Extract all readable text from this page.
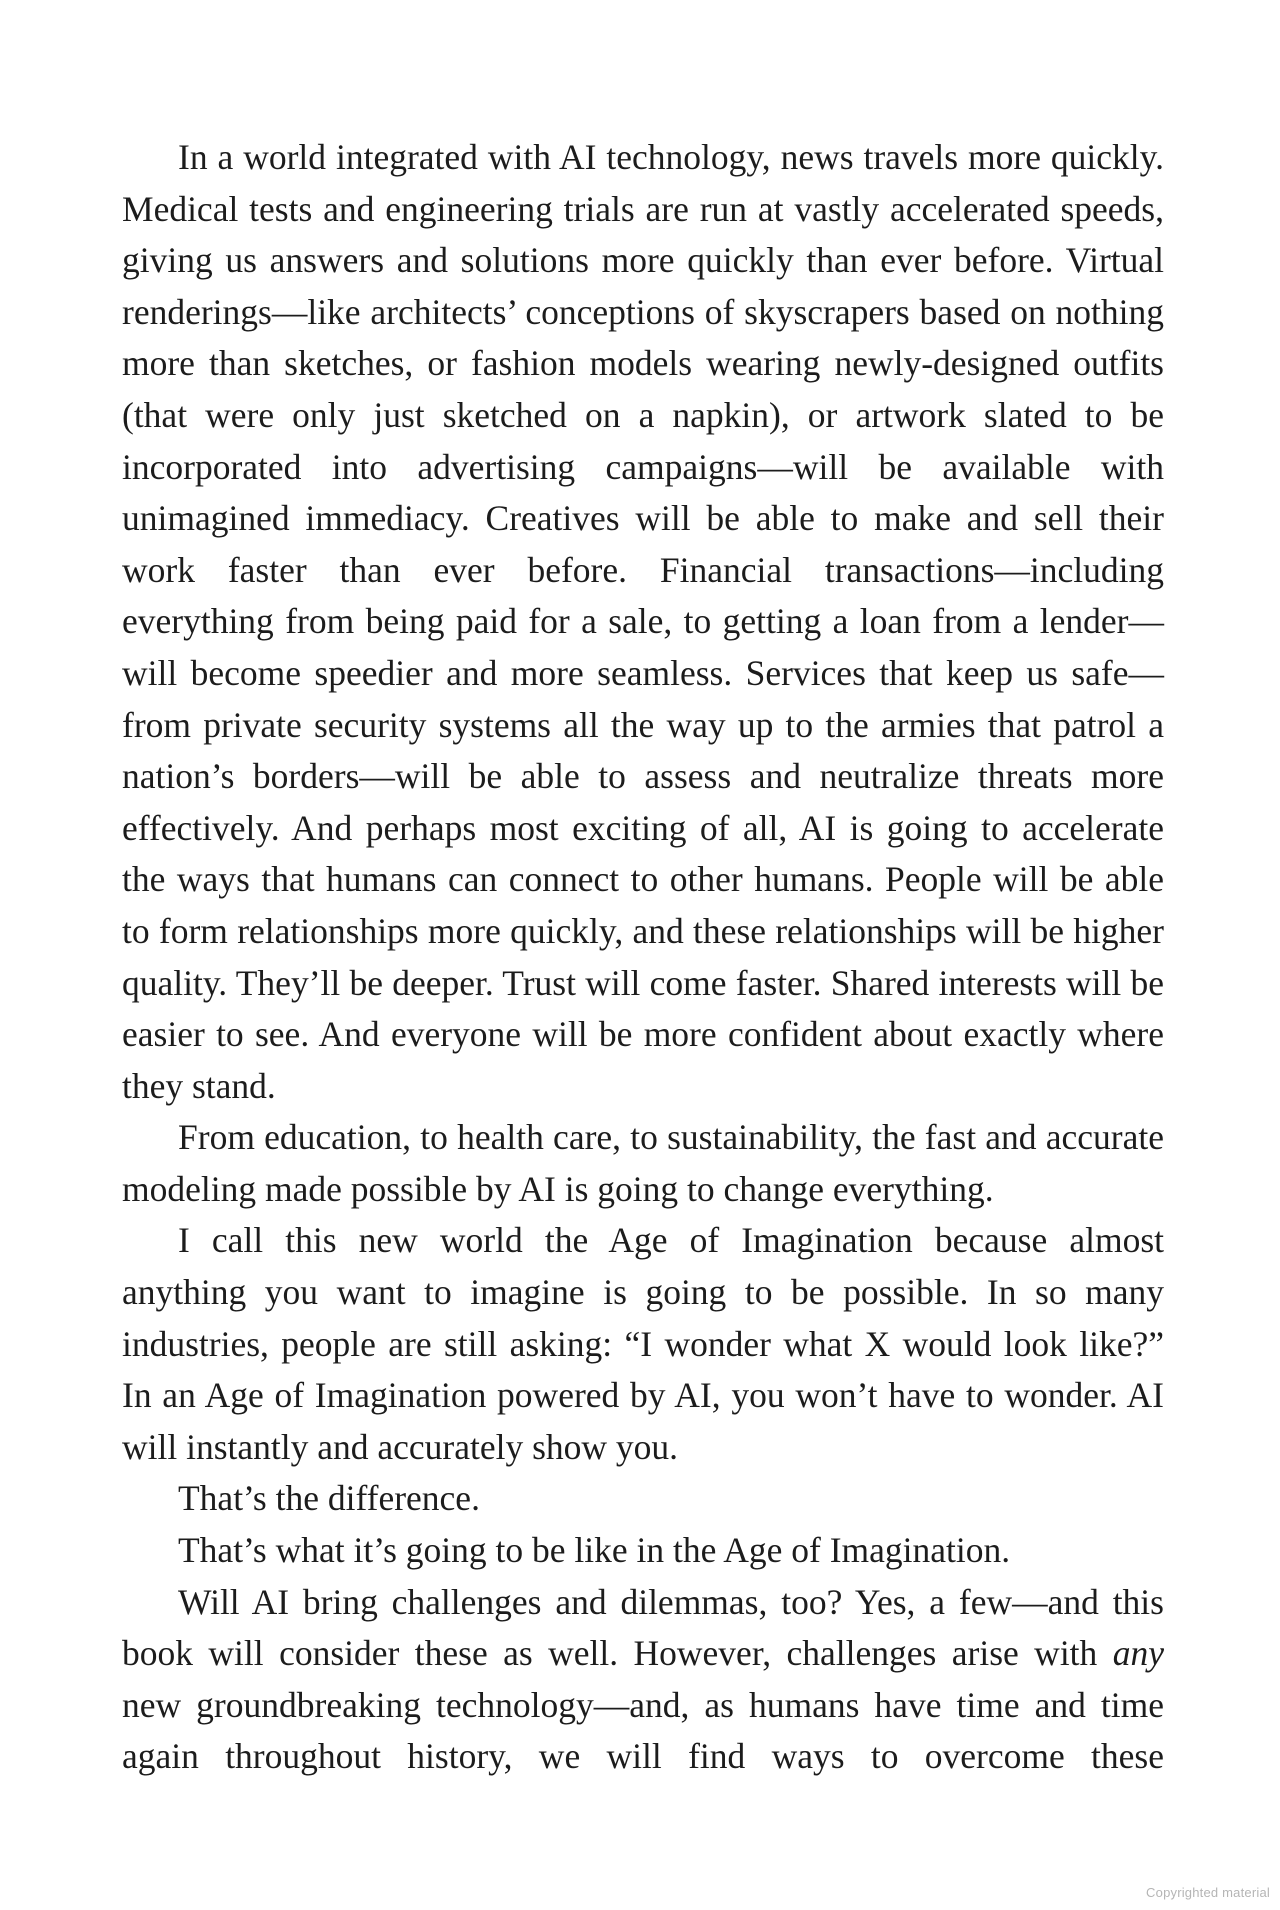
In a world integrated with AI technology, news travels more quickly. Medical tests and engineering trials are run at vastly accelerated speeds, giving us answers and solutions more quickly than ever before. Virtual renderings—like architects’ conceptions of skyscrapers based on nothing more than sketches, or fashion models wearing newly-designed outfits (that were only just sketched on a napkin), or artwork slated to be incorporated into advertising campaigns—will be available with unimagined immediacy. Creatives will be able to make and sell their work faster than ever before. Financial transactions—including everything from being paid for a sale, to getting a loan from a lender— will become speedier and more seamless. Services that keep us safe—from private security systems all the way up to the armies that patrol a nation’s borders—will be able to assess and neutralize threats more effectively. And perhaps most exciting of all, AI is going to accelerate the ways that humans can connect to other humans. People will be able to form relationships more quickly, and these relationships will be higher quality. They’ll be deeper. Trust will come faster. Shared interests will be easier to see. And everyone will be more confident about exactly where they stand.

From education, to health care, to sustainability, the fast and accurate modeling made possible by AI is going to change everything.

I call this new world the Age of Imagination because almost anything you want to imagine is going to be possible. In so many industries, people are still asking: “I wonder what X would look like?” In an Age of Imagination powered by AI, you won’t have to wonder. AI will instantly and accurately show you.

That’s the difference.

That’s what it’s going to be like in the Age of Imagination.

Will AI bring challenges and dilemmas, too? Yes, a few—and this book will consider these as well. However, challenges arise with any new groundbreaking technology—and, as humans have time and time again throughout history, we will find ways to overcome these

Copyrighted material
